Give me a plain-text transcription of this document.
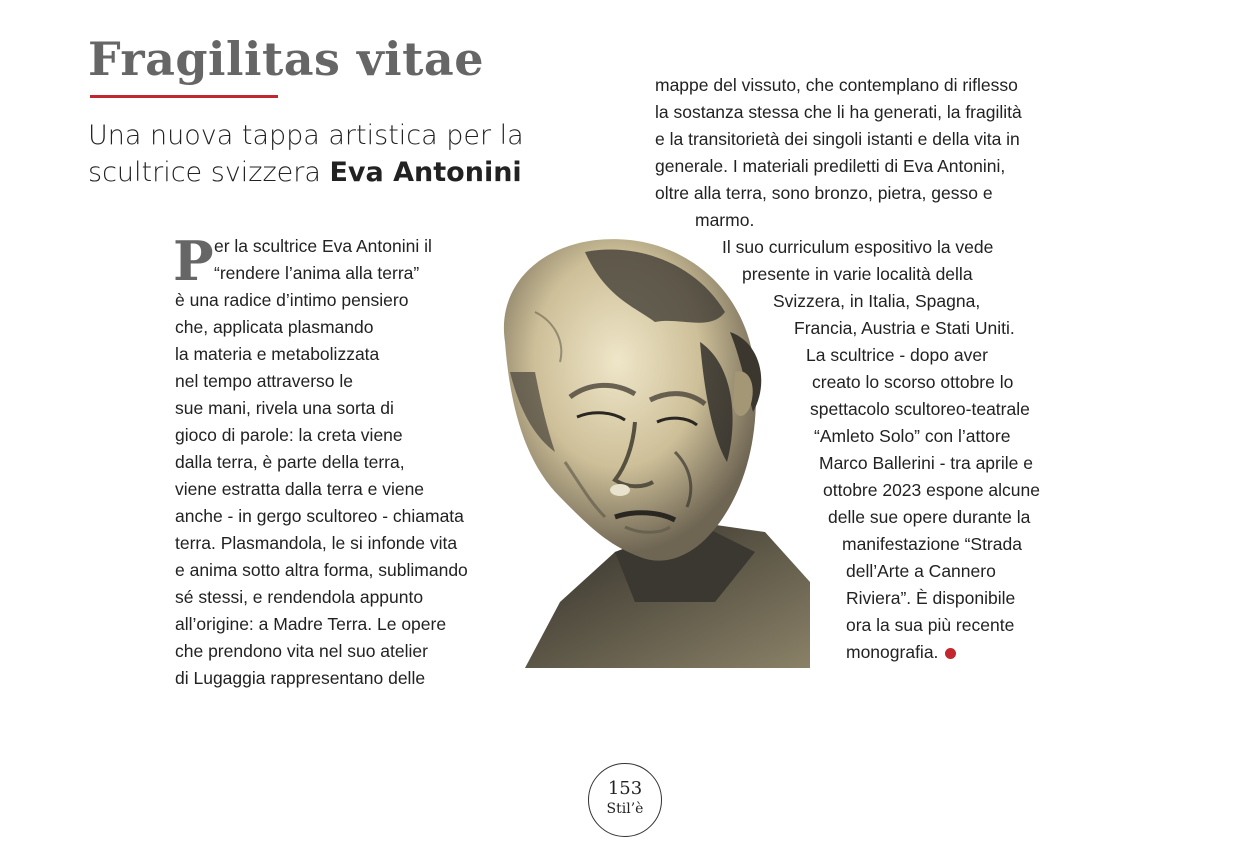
Fragilitas vitae
Una nuova tappa artistica per la
scultrice svizzera Eva Antonini
P er la scultrice Eva Antonini il
“rendere l’anima alla terra”
è una radice d’intimo pensiero
che, applicata plasmando
la materia e metabolizzata
nel tempo attraverso le
sue mani, rivela una sorta di
gioco di parole: la creta viene
dalla terra, è parte della terra,
viene estratta dalla terra e viene
anche - in gergo scultoreo - chiamata
terra. Plasmandola, le si infonde vita
e anima sotto altra forma, sublimando
sé stessi, e rendendola appunto
all’origine: a Madre Terra. Le opere
che prendono vita nel suo atelier
di Lugaggia rappresentano delle
mappe del vissuto, che contemplano di riflesso
la sostanza stessa che li ha generati, la fragilità
e la transitorietà dei singoli istanti e della vita in
generale. I materiali prediletti di Eva Antonini,
oltre alla terra, sono bronzo, pietra, gesso e
marmo.
Il suo curriculum espositivo la vede
presente in varie località della
Svizzera, in Italia, Spagna,
Francia, Austria e Stati Uniti.
La scultrice - dopo aver
creato lo scorso ottobre lo
spettacolo scultoreo-teatrale
“Amleto Solo” con l’attore
Marco Ballerini - tra aprile e
ottobre 2023 espone alcune
delle sue opere durante la
manifestazione “Strada
dell’Arte a Cannero
Riviera”. È disponibile
ora la sua più recente
monografia.
153
Stil’è
